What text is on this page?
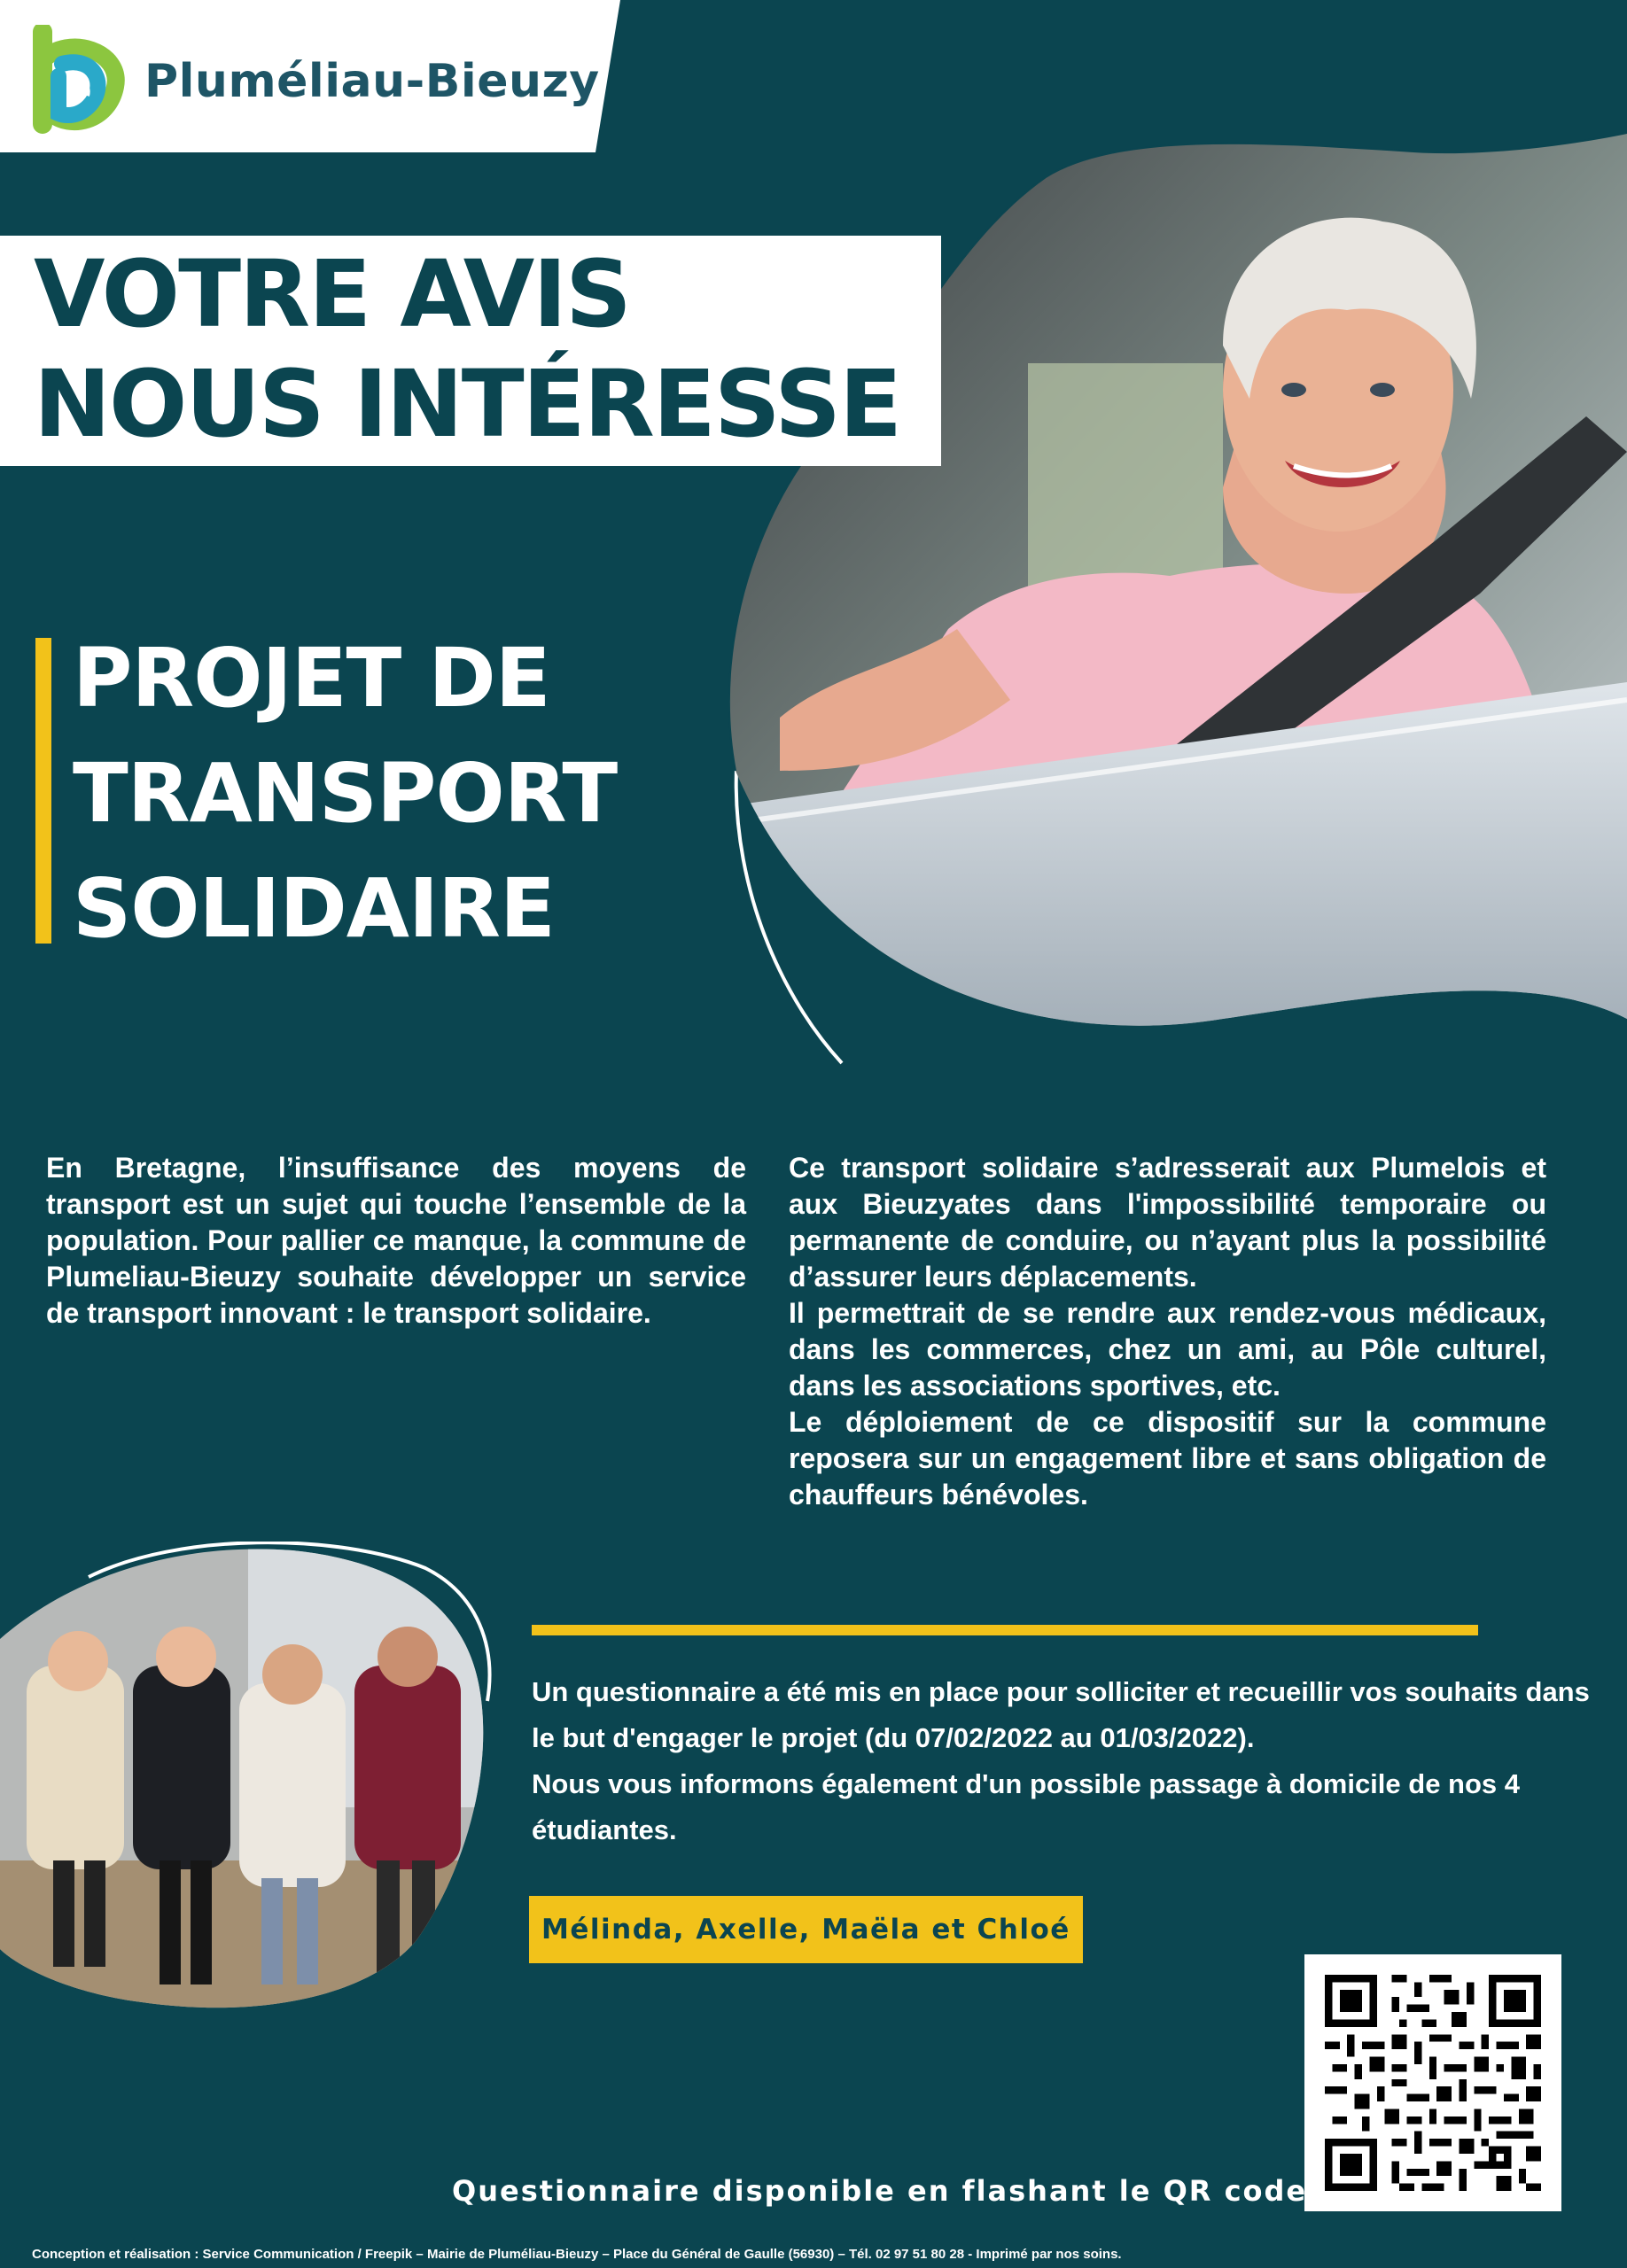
Pluméliau-Bieuzy
VOTRE AVIS
NOUS INTÉRESSE
PROJET DE
TRANSPORT
SOLIDAIRE

En Bretagne, l’insuffisance des moyens de transport est un sujet qui touche l’ensemble de la population. Pour pallier ce manque, la commune de Plumeliau-Bieuzy souhaite développer un service de transport innovant : le transport solidaire.

Ce transport solidaire s’adresserait aux Plumelois et aux Bieuzyates dans l'impossibilité temporaire ou permanente de conduire, ou n’ayant plus la possibilité d’assurer leurs déplacements.

Il permettrait de se rendre aux rendez-vous médicaux, dans les commerces, chez un ami, au Pôle culturel, dans les associations sportives, etc.

Le déploiement de ce dispositif sur la commune reposera sur un engagement libre et sans obligation de chauffeurs bénévoles.

Un questionnaire a été mis en place pour solliciter et recueillir vos souhaits dans le but d'engager le projet (du 07/02/2022 au 01/03/2022).

Nous vous informons également d'un possible passage à domicile de nos 4 étudiantes.

Mélinda, Axelle, Maëla et Chloé
Questionnaire disponible en flashant le QR code
Conception et réalisation : Service Communication / Freepik – Mairie de Pluméliau-Bieuzy – Place du Général de Gaulle (56930) – Tél. 02 97 51 80 28 - Imprimé par nos soins.
